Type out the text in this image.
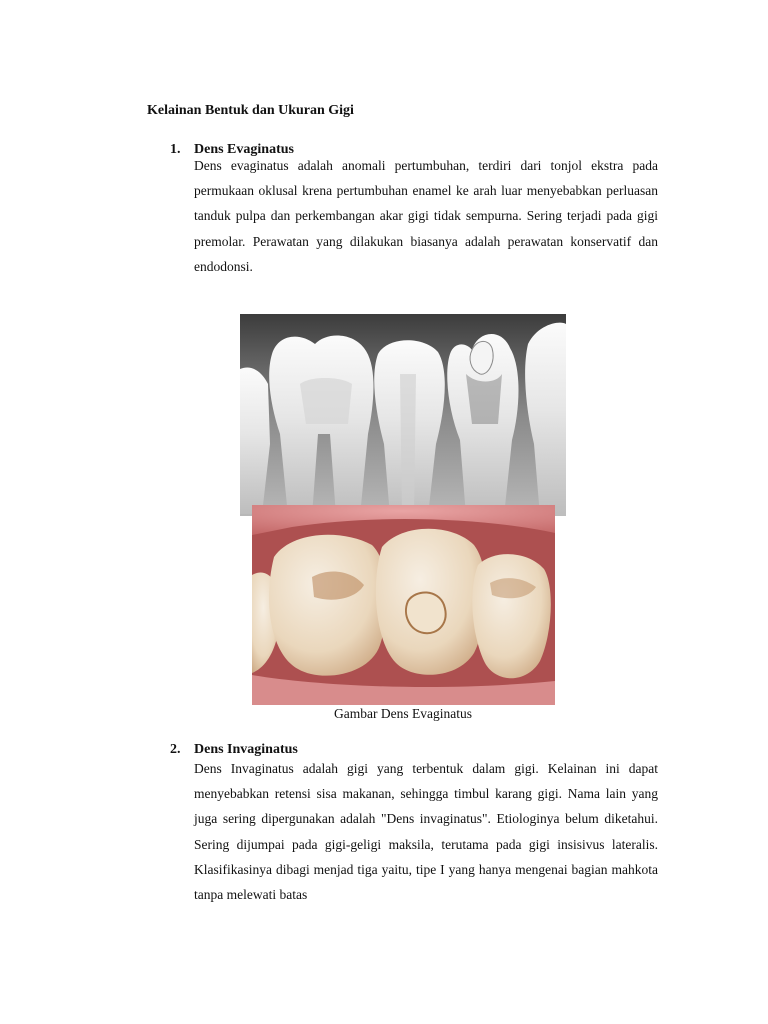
Kelainan Bentuk dan Ukuran Gigi
1. Dens Evaginatus

Dens evaginatus adalah anomali pertumbuhan, terdiri dari tonjol ekstra pada permukaan oklusal krena pertumbuhan enamel ke arah luar menyebabkan perluasan tanduk pulpa dan perkembangan akar gigi tidak sempurna. Sering terjadi pada gigi premolar. Perawatan yang dilakukan biasanya adalah perawatan konservatif dan endodonsi.

Gambar Dens Evaginatus

2. Dens Invaginatus

Dens Invaginatus adalah gigi yang terbentuk dalam gigi. Kelainan ini dapat menyebabkan retensi sisa makanan, sehingga timbul karang gigi. Nama lain yang juga sering dipergunakan adalah "Dens invaginatus". Etiologinya belum diketahui. Sering dijumpai pada gigi-geligi maksila, terutama pada gigi insisivus lateralis. Klasifikasinya dibagi menjad tiga yaitu, tipe I yang hanya mengenai bagian mahkota tanpa melewati batas
